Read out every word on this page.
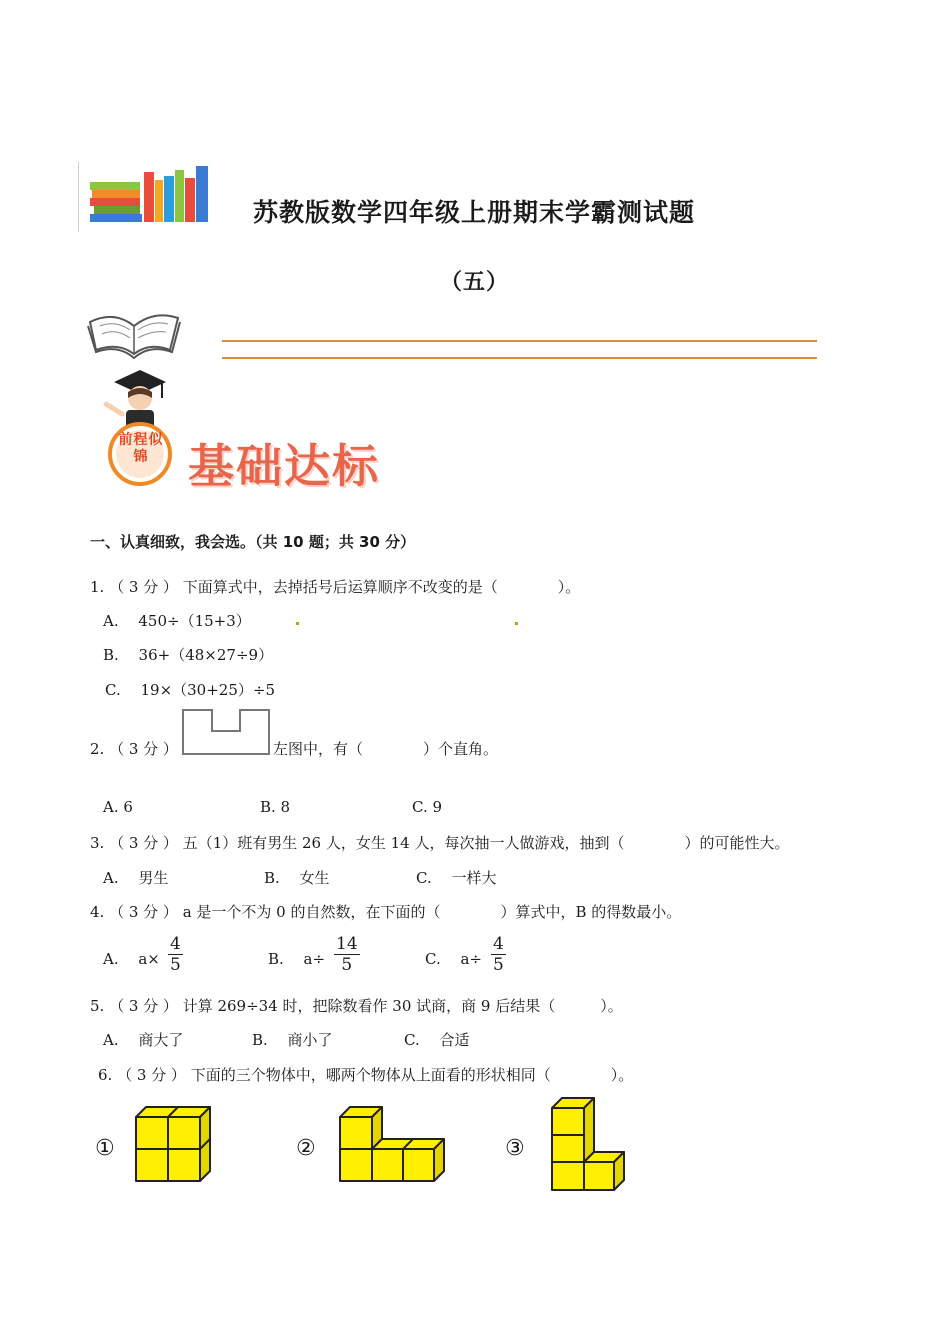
苏教版数学四年级上册期末学霸测试题
（五）
前程似锦 基础达标
一、认真细致，我会选。（共 10 题；共 30 分）
1. （ 3 分 ） 下面算式中，去掉括号后运算顺序不改变的是（　　　　）。
A.　 450÷（15+3）
B.　 36+（48×27÷9）
C.　 19×（30+25）÷5
2. （ 3 分 ）	左图中，有（　　　　）个直角。
A. 6	B. 8	C. 9
3. （ 3 分 ） 五（1）班有男生 26 人，女生 14 人，每次抽一人做游戏，抽到（　　　　）的可能性大。
A.　 男生	B.　 女生	C.　 一样大
4. （ 3 分 ） a 是一个不为 0 的自然数，在下面的（　　　　）算式中，B 的得数最小。
A.　 $a\times \frac{4}{5}$	B.　 $a\div \frac{14}{5}$	C.　 $a\div \frac{4}{5}$
5. （ 3 分 ） 计算 269÷34 时，把除数看作 30 试商，商 9 后结果（　　　）。
A.　 商大了	B.　 商小了	C.　 合适
6. （ 3 分 ） 下面的三个物体中，哪两个物体从上面看的形状相同（　　　　）。
①	②	③
